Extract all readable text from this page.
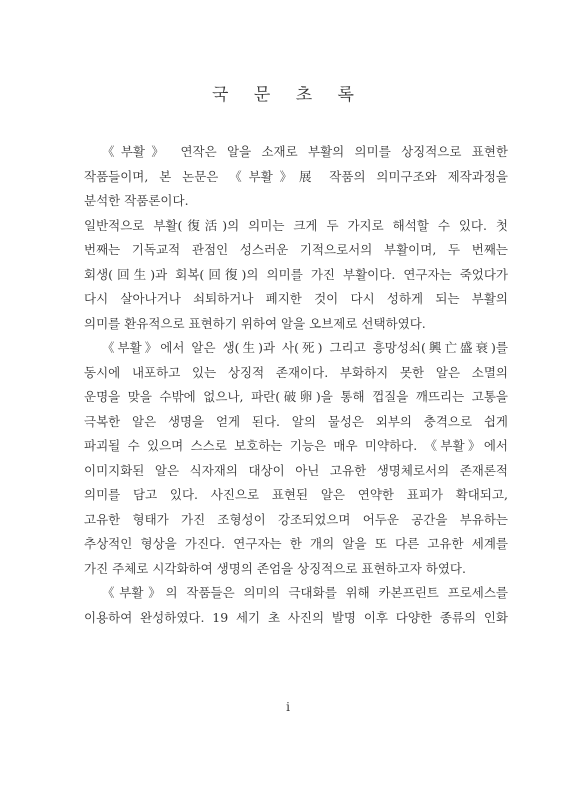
국 문 초 록
《부활》 연작은 알을 소재로 부활의 의미를 상징적으로 표현한
작품들이며, 본 논문은 《부활》展 작품의 의미구조와 제작과정을
분석한 작품론이다.
일반적으로 부활(復活)의 의미는 크게 두 가지로 해석할 수 있다. 첫
번째는 기독교적 관점인 성스러운 기적으로서의 부활이며, 두 번째는
회생(回生)과 회복(回復)의 의미를 가진 부활이다. 연구자는 죽었다가
다시 살아나거나 쇠퇴하거나 폐지한 것이 다시 성하게 되는 부활의
의미를 환유적으로 표현하기 위하여 알을 오브제로 선택하였다.
《부활》에서 알은 생(生)과 사(死) 그리고 흥망성쇠(興亡盛衰)를
동시에 내포하고 있는 상징적 존재이다. 부화하지 못한 알은 소멸의
운명을 맞을 수밖에 없으나, 파란(破卵)을 통해 껍질을 깨뜨리는 고통을
극복한 알은 생명을 얻게 된다. 알의 물성은 외부의 충격으로 쉽게
파괴될 수 있으며 스스로 보호하는 기능은 매우 미약하다. 《부활》에서
이미지화된 알은 식자재의 대상이 아닌 고유한 생명체로서의 존재론적
의미를 담고 있다. 사진으로 표현된 알은 연약한 표피가 확대되고,
고유한 형태가 가진 조형성이 강조되었으며 어두운 공간을 부유하는
추상적인 형상을 가진다. 연구자는 한 개의 알을 또 다른 고유한 세계를
가진 주체로 시각화하여 생명의 존엄을 상징적으로 표현하고자 하였다.
《부활》의 작품들은 의미의 극대화를 위해 카본프린트 프로세스를
이용하여 완성하였다. 19 세기 초 사진의 발명 이후 다양한 종류의 인화
i
